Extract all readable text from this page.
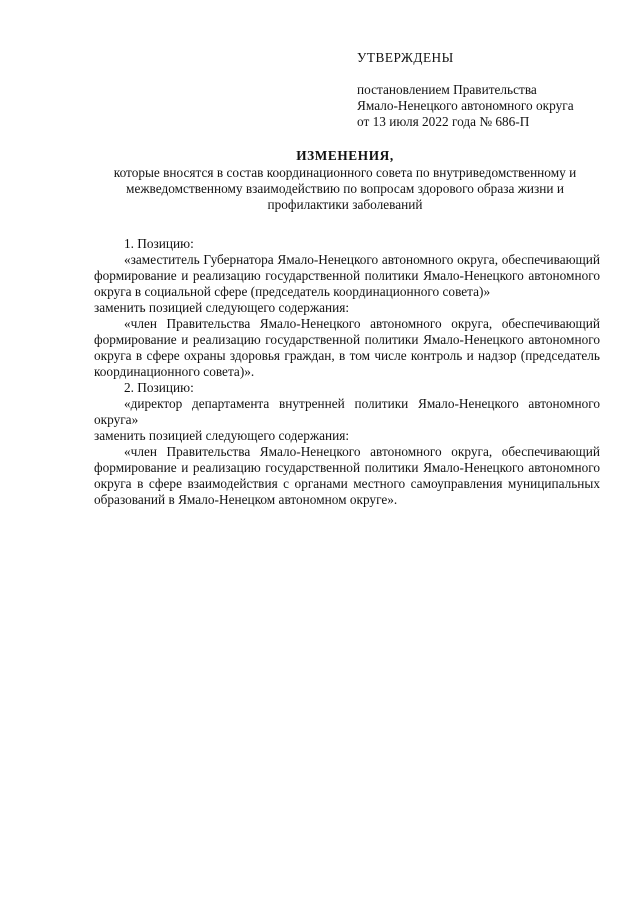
УТВЕРЖДЕНЫ
постановлением Правительства
Ямало-Ненецкого автономного округа
от 13 июля 2022 года № 686-П
ИЗМЕНЕНИЯ,
которые вносятся в состав координационного совета по внутриведомственному и межведомственному взаимодействию по вопросам здорового образа жизни и профилактики заболеваний
1. Позицию:
«заместитель Губернатора Ямало-Ненецкого автономного округа, обеспечивающий формирование и реализацию государственной политики Ямало-Ненецкого автономного округа в социальной сфере (председатель координационного совета)»
заменить позицией следующего содержания:
«член Правительства Ямало-Ненецкого автономного округа, обеспечивающий формирование и реализацию государственной политики Ямало-Ненецкого автономного округа в сфере охраны здоровья граждан, в том числе контроль и надзор (председатель координационного совета)».
2. Позицию:
«директор департамента внутренней политики Ямало-Ненецкого автономного округа»
заменить позицией следующего содержания:
«член Правительства Ямало-Ненецкого автономного округа, обеспечивающий формирование и реализацию государственной политики Ямало-Ненецкого автономного округа в сфере взаимодействия с органами местного самоуправления муниципальных образований в Ямало-Ненецком автономном округе».
